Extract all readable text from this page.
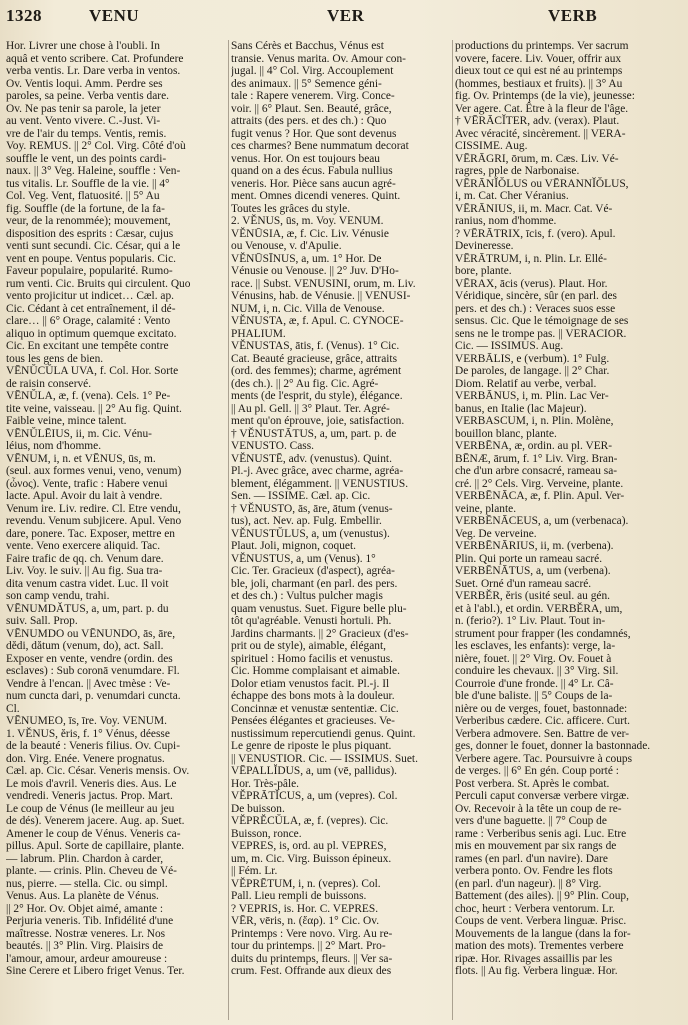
1328	VENU	VER	VERB
Hor. Livrer une chose à l'oubli. In
aquâ et vento scribere. Cat. Profundere
verba ventis. Lr. Dare verba in ventos.
Ov. Ventis loqui. Amm. Perdre ses
paroles, sa peine. Verba ventis dare.
Ov. Ne pas tenir sa parole, la jeter
au vent. Vento vivere. C.-Just. Vi-
vre de l'air du temps. Ventis, remis.
Voy. REMUS. || 2° Col. Virg. Côté d'où
souffle le vent, un des points cardi-
naux. || 3° Veg. Haleine, souffle : Ven-
tus vitalis. Lr. Souffle de la vie. || 4°
Col. Veg. Vent, flatuosité. || 5° Au
fig. Souffle (de la fortune, de la fa-
veur, de la renommée); mouvement,
disposition des esprits : Cæsar, cujus
venti sunt secundi. Cic. César, qui a le
vent en poupe. Ventus popularis. Cic.
Faveur populaire, popularité. Rumo-
rum venti. Cic. Bruits qui circulent. Quo
vento projicitur ut indicet… Cæl. ap.
Cic. Cédant à cet entraînement, il dé-
clare… || 6° Orage, calamité : Vento
aliquo in optimum quemque excitato.
Cic. En excitant une tempête contre
tous les gens de bien.
VĒNŬCŬLA UVA, f. Col. Hor. Sorte
de raisin conservé.
VĒNŬLA, æ, f. (vena). Cels. 1° Pe-
tite veine, vaisseau. || 2° Au fig. Quint.
Faible veine, mince talent.
VĒNŬLĒIUS, ii, m. Cic. Vénu-
léius, nom d'homme.
VĒNUM, i, n. et VĒNUS, ūs, m.
(seul. aux formes venui, veno, venum)
(ὦνος). Vente, trafic : Habere venui
lacte. Apul. Avoir du lait à vendre.
Venum ire. Liv. redire. Cl. Etre vendu,
revendu. Venum subjicere. Apul. Veno
dare, ponere. Tac. Exposer, mettre en
vente. Veno exercere aliquid. Tac.
Faire trafic de qq. ch. Venum dare.
Liv. Voy. le suiv. || Au fig. Sua tra-
dita venum castra videt. Luc. Il voit
son camp vendu, trahi.
VĒNUMDĂTUS, a, um, part. p. du
suiv. Sall. Prop.
VĒNUMDO ou VĒNUNDO, ās, āre,
dĕdi, dătum (venum, do), act. Sall.
Exposer en vente, vendre (ordin. des
esclaves) : Sub coronā venumdare. Fl.
Vendre à l'encan. || Avec tmèse : Ve-
num cuncta dari, p. venumdari cuncta.
Cl.
VĒNUMEO, īs, īre. Voy. VENUM.
1. VĔNUS, ĕris, f. 1° Vénus, déesse
de la beauté : Veneris filius. Ov. Cupi-
don. Virg. Enée. Venere prognatus.
Cæl. ap. Cic. César. Veneris mensis. Ov.
Le mois d'avril. Veneris dies. Aus. Le
vendredi. Veneris jactus. Prop. Mart.
Le coup de Vénus (le meilleur au jeu
de dés). Venerem jacere. Aug. ap. Suet.
Amener le coup de Vénus. Veneris ca-
pillus. Apul. Sorte de capillaire, plante.
— labrum. Plin. Chardon à carder,
plante. — crinis. Plin. Cheveu de Vé-
nus, pierre. — stella. Cic. ou simpl.
Venus. Aus. La planète de Vénus.
|| 2° Hor. Ov. Objet aimé, amante :
Perjuria veneris. Tib. Infidélité d'une
maîtresse. Nostræ veneres. Lr. Nos
beautés. || 3° Plin. Virg. Plaisirs de
l'amour, amour, ardeur amoureuse :
Sine Cerere et Libero friget Venus. Ter.
Sans Cérès et Bacchus, Vénus est
transie. Venus marita. Ov. Amour con-
jugal. || 4° Col. Virg. Accouplement
des animaux. || 5° Semence géni-
tale : Rapere venerem. Virg. Conce-
voir. || 6° Plaut. Sen. Beauté, grâce,
attraits (des pers. et des ch.) : Quo
fugit venus ? Hor. Que sont devenus
ces charmes? Bene nummatum decorat
venus. Hor. On est toujours beau
quand on a des écus. Fabula nullius
veneris. Hor. Pièce sans aucun agré-
ment. Omnes dicendi veneres. Quint.
Toutes les grâces du style.
2. VĔNUS, ūs, m. Voy. VENUM.
VĔNŪSIA, æ, f. Cic. Liv. Vénusie
ou Venouse, v. d'Apulie.
VĔNŪSĪNUS, a, um. 1° Hor. De
Vénusie ou Venouse. || 2° Juv. D'Ho-
race. || Subst. VENUSINI, orum, m. Liv.
Vénusins, hab. de Vénusie. || VENUSI-
NUM, i, n. Cic. Villa de Venouse.
VĔNUSTA, æ, f. Apul. C. CYNOCE-
PHALIUM.
VĔNUSTAS, ātis, f. (Venus). 1° Cic.
Cat. Beauté gracieuse, grâce, attraits
(ord. des femmes); charme, agrément
(des ch.). || 2° Au fig. Cic. Agré-
ments (de l'esprit, du style), élégance.
|| Au pl. Gell. || 3° Plaut. Ter. Agré-
ment qu'on éprouve, joie, satisfaction.
† VĔNUSTĀTUS, a, um, part. p. de
VENUSTO. Cass.
VĔNUSTĒ, adv. (venustus). Quint.
Pl.-j. Avec grâce, avec charme, agréa-
blement, élégamment. || VENUSTIUS.
Sen. — ISSIME. Cæl. ap. Cic.
† VĔNUSTO, ās, āre, ātum (venus-
tus), act. Nev. ap. Fulg. Embellir.
VĔNUSTŬLUS, a, um (venustus).
Plaut. Joli, mignon, coquet.
VĔNUSTUS, a, um (Venus). 1°
Cic. Ter. Gracieux (d'aspect), agréa-
ble, joli, charmant (en parl. des pers.
et des ch.) : Vultus pulcher magis
quam venustus. Suet. Figure belle plu-
tôt qu'agréable. Venusti hortuli. Ph.
Jardins charmants. || 2° Gracieux (d'es-
prit ou de style), aimable, élégant,
spirituel : Homo facilis et venustus.
Cic. Homme complaisant et aimable.
Dolor etiam venustos facit. Pl.-j. Il
échappe des bons mots à la douleur.
Concinnæ et venustæ sententiæ. Cic.
Pensées élégantes et gracieuses. Ve-
nustissimum repercutiendi genus. Quint.
Le genre de riposte le plus piquant.
|| VENUSTIOR. Cic. — ISSIMUS. Suet.
VĒPALLĬDUS, a, um (vē, pallidus).
Hor. Très-pâle.
VĔPRĀTĬCUS, a, um (vepres). Col.
De buisson.
VĔPRĔCŬLA, æ, f. (vepres). Cic.
Buisson, ronce.
VEPRES, is, ord. au pl. VEPRES,
um, m. Cic. Virg. Buisson épineux.
|| Fém. Lr.
VĔPRĒTUM, i, n. (vepres). Col.
Pall. Lieu rempli de buissons.
? VEPRIS, is. Hor. C. VEPRES.
VĒR, vēris, n. (ἔαρ). 1° Cic. Ov.
Printemps : Vere novo. Virg. Au re-
tour du printemps. || 2° Mart. Pro-
duits du printemps, fleurs. || Ver sa-
crum. Fest. Offrande aux dieux des
productions du printemps. Ver sacrum
vovere, facere. Liv. Vouer, offrir aux
dieux tout ce qui est né au printemps
(hommes, bestiaux et fruits). || 3° Au
fig. Ov. Printemps (de la vie), jeunesse:
Ver agere. Cat. Être à la fleur de l'âge.
† VĒRĀCĬTER, adv. (verax). Plaut.
Avec véracité, sincèrement. || VERA-
CISSIME. Aug.
VĒRĀGRI, ōrum, m. Cæs. Liv. Vé-
ragres, pple de Narbonaise.
VĒRĀNĬŎLUS ou VĒRANNĬŎLUS,
i, m. Cat. Cher Véranius.
VĒRĀNIUS, ii, m. Macr. Cat. Vé-
ranius, nom d'homme.
? VĒRĀTRIX, īcis, f. (vero). Apul.
Devineresse.
VĒRĀTRUM, i, n. Plin. Lr. Ellé-
bore, plante.
VĒRAX, ācis (verus). Plaut. Hor.
Véridique, sincère, sûr (en parl. des
pers. et des ch.) : Veraces suos esse
sensus. Cic. Que le témoignage de ses
sens ne le trompe pas. || VERACIOR.
Cic. — ISSIMUS. Aug.
VERBĀLIS, e (verbum). 1° Fulg.
De paroles, de langage. || 2° Char.
Diom. Relatif au verbe, verbal.
VERBĀNUS, i, m. Plin. Lac Ver-
banus, en Italie (lac Majeur).
VERBASCUM, i, n. Plin. Molène,
bouillon blanc, plante.
VERBĒNA, æ, ordin. au pl. VER-
BĒNÆ, ārum, f. 1° Liv. Virg. Bran-
che d'un arbre consacré, rameau sa-
cré. || 2° Cels. Virg. Verveine, plante.
VERBĒNĀCA, æ, f. Plin. Apul. Ver-
veine, plante.
VERBĒNĀCEUS, a, um (verbenaca).
Veg. De verveine.
VERBĒNĀRIUS, ii, m. (verbena).
Plin. Qui porte un rameau sacré.
VERBĒNĀTUS, a, um (verbena).
Suet. Orné d'un rameau sacré.
VERBĔR, ĕris (usité seul. au gén.
et à l'abl.), et ordin. VERBĔRA, um,
n. (ferio?). 1° Liv. Plaut. Tout in-
strument pour frapper (les condamnés,
les esclaves, les enfants): verge, la-
nière, fouet. || 2° Virg. Ov. Fouet à
conduire les chevaux. || 3° Virg. Sil.
Courroie d'une fronde. || 4° Lr. Câ-
ble d'une baliste. || 5° Coups de la-
nière ou de verges, fouet, bastonnade:
Verberibus cædere. Cic. afficere. Curt.
Verbera admovere. Sen. Battre de ver-
ges, donner le fouet, donner la bastonnade.
Verbere agere. Tac. Poursuivre à coups
de verges. || 6° En gén. Coup porté :
Post verbera. St. Après le combat.
Perculi caput conversæ verbere virgæ.
Ov. Recevoir à la tête un coup de re-
vers d'une baguette. || 7° Coup de
rame : Verberibus senis agi. Luc. Etre
mis en mouvement par six rangs de
rames (en parl. d'un navire). Dare
verbera ponto. Ov. Fendre les flots
(en parl. d'un nageur). || 8° Virg.
Battement (des ailes). || 9° Plin. Coup,
choc, heurt : Verbera ventorum. Lr.
Coups de vent. Verbera linguæ. Prisc.
Mouvements de la langue (dans la for-
mation des mots). Trementes verbere
ripæ. Hor. Rivages assaillis par les
flots. || Au fig. Verbera linguæ. Hor.
